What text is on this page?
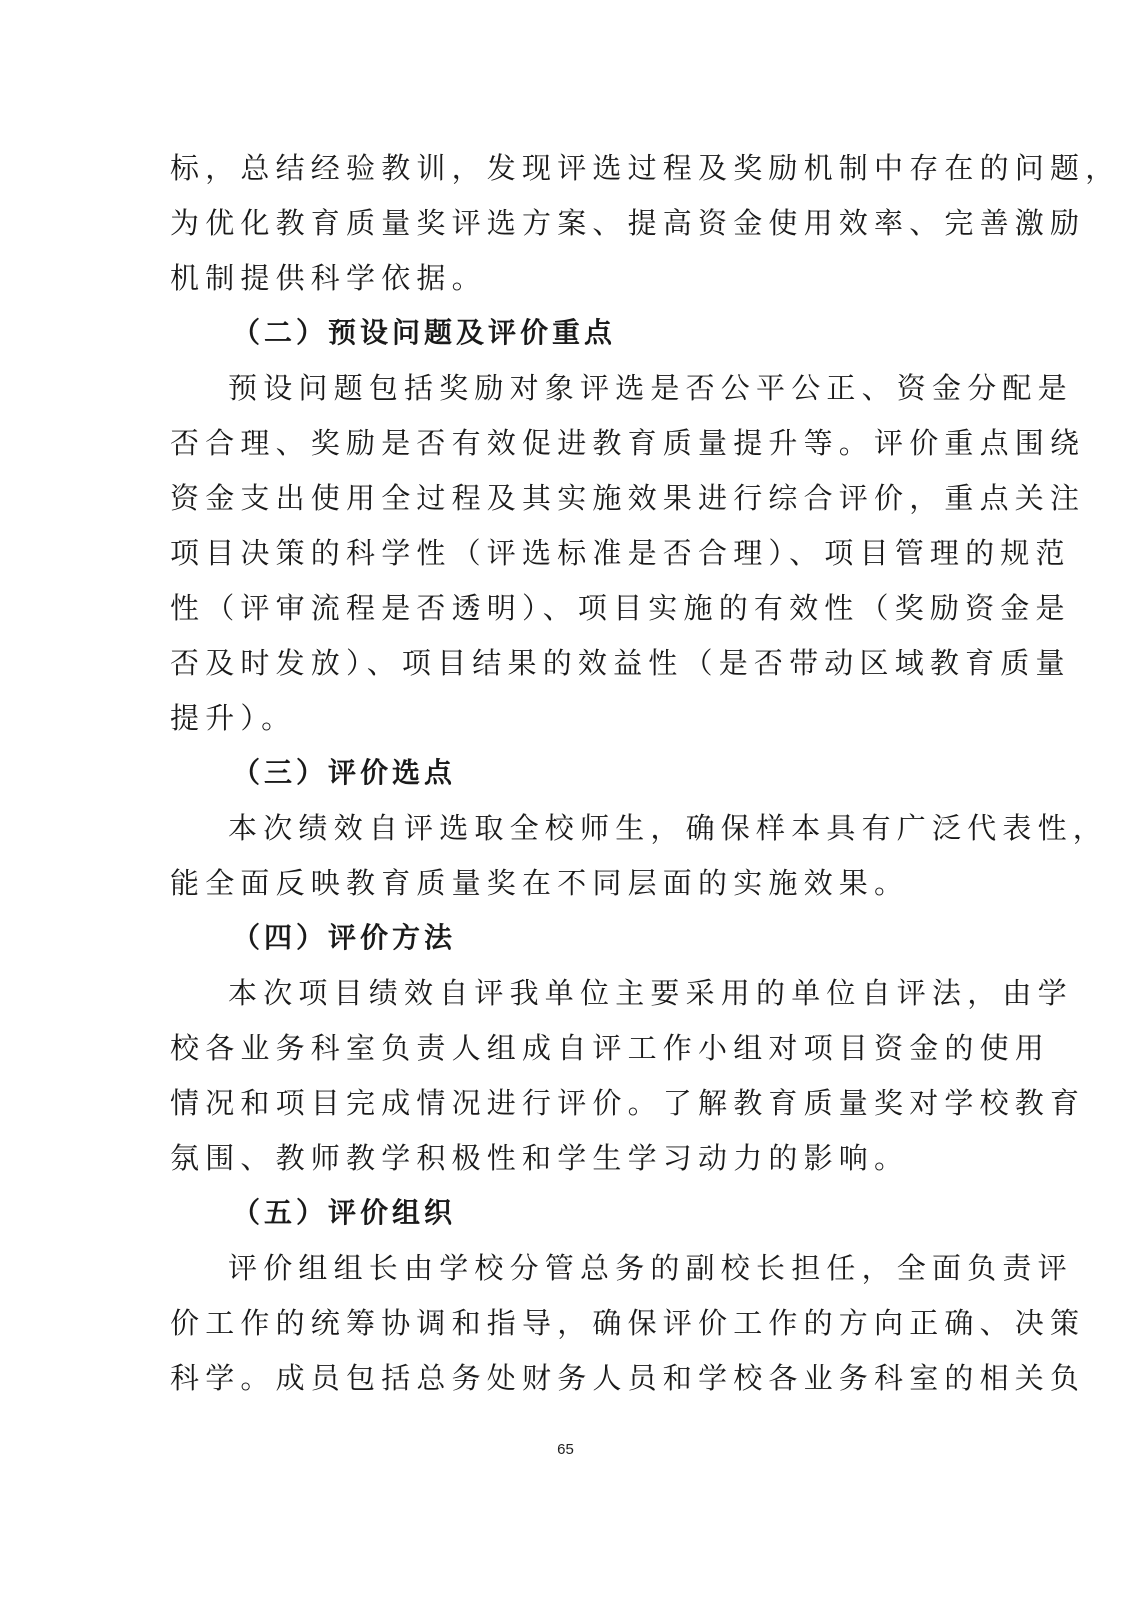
标，总结经验教训，发现评选过程及奖励机制中存在的问题，
为优化教育质量奖评选方案、提高资金使用效率、完善激励
机制提供科学依据。
（二）预设问题及评价重点
预设问题包括奖励对象评选是否公平公正、资金分配是
否合理、奖励是否有效促进教育质量提升等。评价重点围绕
资金支出使用全过程及其实施效果进行综合评价，重点关注
项目决策的科学性（评选标准是否合理）、项目管理的规范
性（评审流程是否透明）、项目实施的有效性（奖励资金是
否及时发放）、项目结果的效益性（是否带动区域教育质量
提升）。
（三）评价选点
本次绩效自评选取全校师生，确保样本具有广泛代表性，
能全面反映教育质量奖在不同层面的实施效果。
（四）评价方法
本次项目绩效自评我单位主要采用的单位自评法，由学
校各业务科室负责人组成自评工作小组对项目资金的使用
情况和项目完成情况进行评价。了解教育质量奖对学校教育
氛围、教师教学积极性和学生学习动力的影响。
（五）评价组织
评价组组长由学校分管总务的副校长担任，全面负责评
价工作的统筹协调和指导，确保评价工作的方向正确、决策
科学。成员包括总务处财务人员和学校各业务科室的相关负
65
